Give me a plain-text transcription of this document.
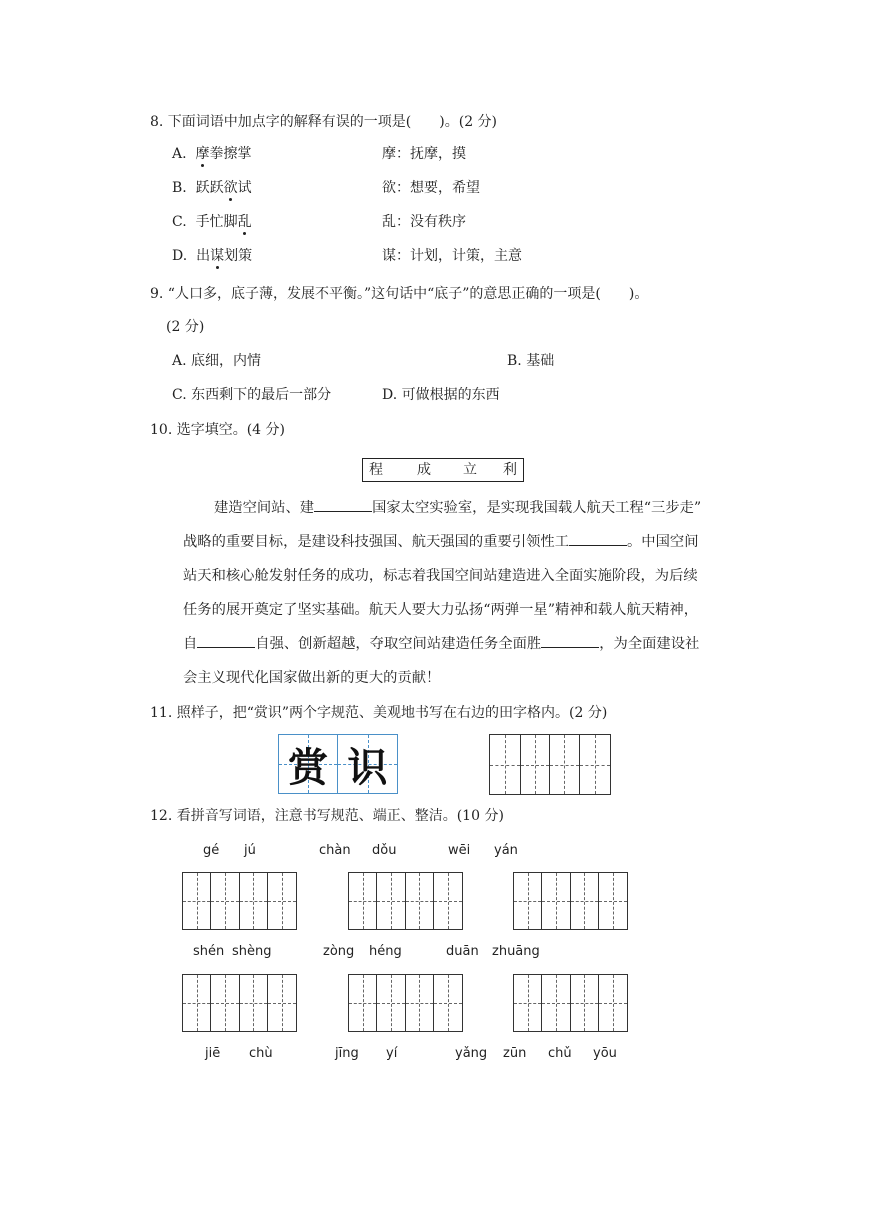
8. 下面词语中加点字的解释有误的一项是(　　)。(2 分)
A. 摩拳擦掌	摩：抚摩，摸
B. 跃跃欲试	欲：想要，希望
C. 手忙脚乱	乱：没有秩序
D. 出谋划策	谋：计划，计策，主意
9. “人口多，底子薄，发展不平衡。”这句话中“底子”的意思正确的一项是(　　)。
(2 分)
A. 底细，内情	B. 基础
C. 东西剩下的最后一部分	D. 可做根据的东西
10. 选字填空。(4 分)
程 成 立 利
建造空间站、建	国家太空实验室，是实现我国载人航天工程“三步走”
战略的重要目标，是建设科技强国、航天强国的重要引领性工	。中国空间
站天和核心舱发射任务的成功，标志着我国空间站建造进入全面实施阶段，为后续
任务的展开奠定了坚实基础。航天人要大力弘扬“两弹一星”精神和载人航天精神，
自	自强、创新超越，夺取空间站建造任务全面胜	，为全面建设社
会主义现代化国家做出新的更大的贡献！
11. 照样子，把“赏识”两个字规范、美观地书写在右边的田字格内。(2 分)
赏 识
12. 看拼音写词语，注意书写规范、端正、整洁。(10 分)
gé jú	chàn dǒu	wēi yán
shén shèng	zòng héng	duān zhuāng
jiē chù	jīng yí	yǎng zūn chǔ yōu
